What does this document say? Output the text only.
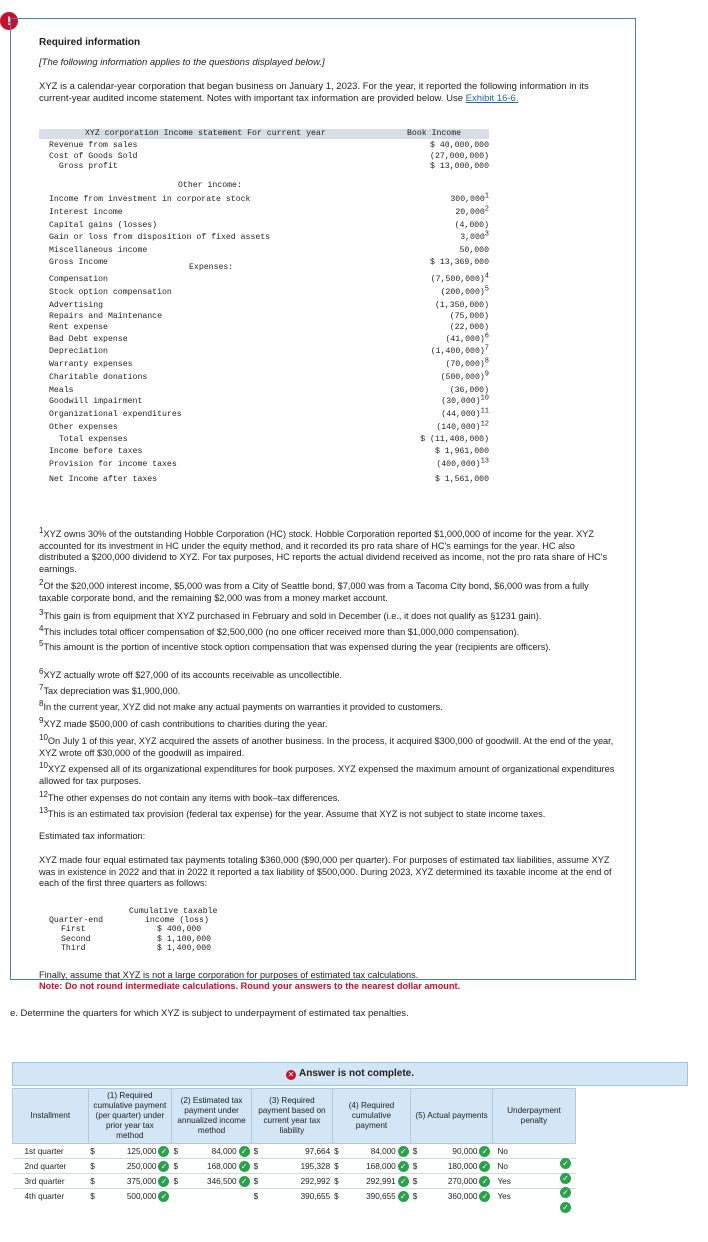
!
Required information
[The following information applies to the questions displayed below.]
XYZ is a calendar-year corporation that began business on January 1, 2023. For the year, it reported the following information in its current-year audited income statement. Notes with important tax information are provided below. Use Exhibit 16-6.

XYZ corporation Income statement For current year

	Book Income

Revenue from sales	$ 40,000,000
Cost of Goods Sold	(27,000,000)
Gross profit	$ 13,000,000

Other income:

Income from investment in corporate stock	300,000$^1$
Interest income	20,000$^2$
Capital gains (losses)	(4,000)
Gain or loss from disposition of fixed assets	3,000$^3$
Miscellaneous income	50,000
Gross Income	$ 13,369,000

Expenses:

Compensation	$(7,500,000)^4$
Stock option compensation	$(200,000)^5$
Advertising	(1,350,000)
Repairs and Maintenance	(75,000)
Rent expense	(22,000)
Bad Debt expense	$(41,000)^6$
Depreciation	$(1,400,000)^7$
Warranty expenses	$(70,000)^8$
Charitable donations	$(500,000)^9$
Meals	(36,000)
Goodwill impairment	$(30,000)^{10}$
Organizational expenditures	$(44,000)^{11}$
Other expenses	$(140,000)^{12}$
Total expenses	$ (11,408,000)
Income before taxes	$ 1,961,000
Provision for income taxes	$(400,000)^{13}$
Net Income after taxes	$ 1,561,000

$^1$XYZ owns 30% of the outstanding Hobble Corporation (HC) stock. Hobble Corporation reported $1,000,000 of income for the year. XYZ accounted for its investment in HC under the equity method, and it recorded its pro rata share of HC's earnings for the year. HC also distributed a $200,000 dividend to XYZ. For tax purposes, HC reports the actual dividend received as income, not the pro rata share of HC's earnings.
$^2$Of the $20,000 interest income, $5,000 was from a City of Seattle bond, $7,000 was from a Tacoma City bond, $6,000 was from a fully taxable corporate bond, and the remaining $2,000 was from a money market account.
$^3$This gain is from equipment that XYZ purchased in February and sold in December (i.e., it does not qualify as §1231 gain).
$^4$This includes total officer compensation of $2,500,000 (no one officer received more than $1,000,000 compensation).
$^5$This amount is the portion of incentive stock option compensation that was expensed during the year (recipients are officers).
$^6$XYZ actually wrote off $27,000 of its accounts receivable as uncollectible.
$^7$Tax depreciation was $1,900,000.
$^8$In the current year, XYZ did not make any actual payments on warranties it provided to customers.
$^9$XYZ made $500,000 of cash contributions to charities during the year.
$^{10}$On July 1 of this year, XYZ acquired the assets of another business. In the process, it acquired $300,000 of goodwill. At the end of the year, XYZ wrote off $30,000 of the goodwill as impaired.
$^{10}$XYZ expensed all of its organizational expenditures for book purposes. XYZ expensed the maximum amount of organizational expenditures allowed for tax purposes.
$^{12}$The other expenses do not contain any items with book–tax differences.
$^{13}$This is an estimated tax provision (federal tax expense) for the year. Assume that XYZ is not subject to state income taxes.
Estimated tax information:
XYZ made four equal estimated tax payments totaling $360,000 ($90,000 per quarter). For purposes of estimated tax liabilities, assume XYZ was in existence in 2022 and that in 2022 it reported a tax liability of $500,000. During 2023, XYZ determined its taxable income at the end of each of the first three quarters as follows:

Cumulative taxable

income (loss)

Quarter-end

First	$ 400,000
Second	$ 1,100,000
Third	$ 1,400,000

Finally, assume that XYZ is not a large corporation for purposes of estimated tax calculations.
Note: Do not round intermediate calculations. Round your answers to the nearest dollar amount.
e. Determine the quarters for which XYZ is subject to underpayment of estimated tax penalties.
✕ Answer is not complete.
Installment	(1) Required cumulative payment (per quarter) under prior year tax method	(2) Estimated tax payment under annualized income method	(3) Required payment based on current year tax liability	(4) Required cumulative payment	(5) Actual payments	Underpayment penalty
1st quarter	$ 125,000 ✓	$ 84,000 ✓	$ 97,664	$ 84,000 ✓	$ 90,000 ✓	No
2nd quarter	$ 250,000 ✓	$ 168,000 ✓	$ 195,328	$ 168,000 ✓	$ 180,000 ✓	No
3rd quarter	$ 375,000 ✓	$ 346,500 ✓	$ 292,992	$ 292,991 ✓	$ 270,000 ✓	Yes
4th quarter	$ 500,000 ✓		$ 390,655	$ 390,655 ✓	$ 360,000 ✓	Yes
✓
✓
✓
✓
